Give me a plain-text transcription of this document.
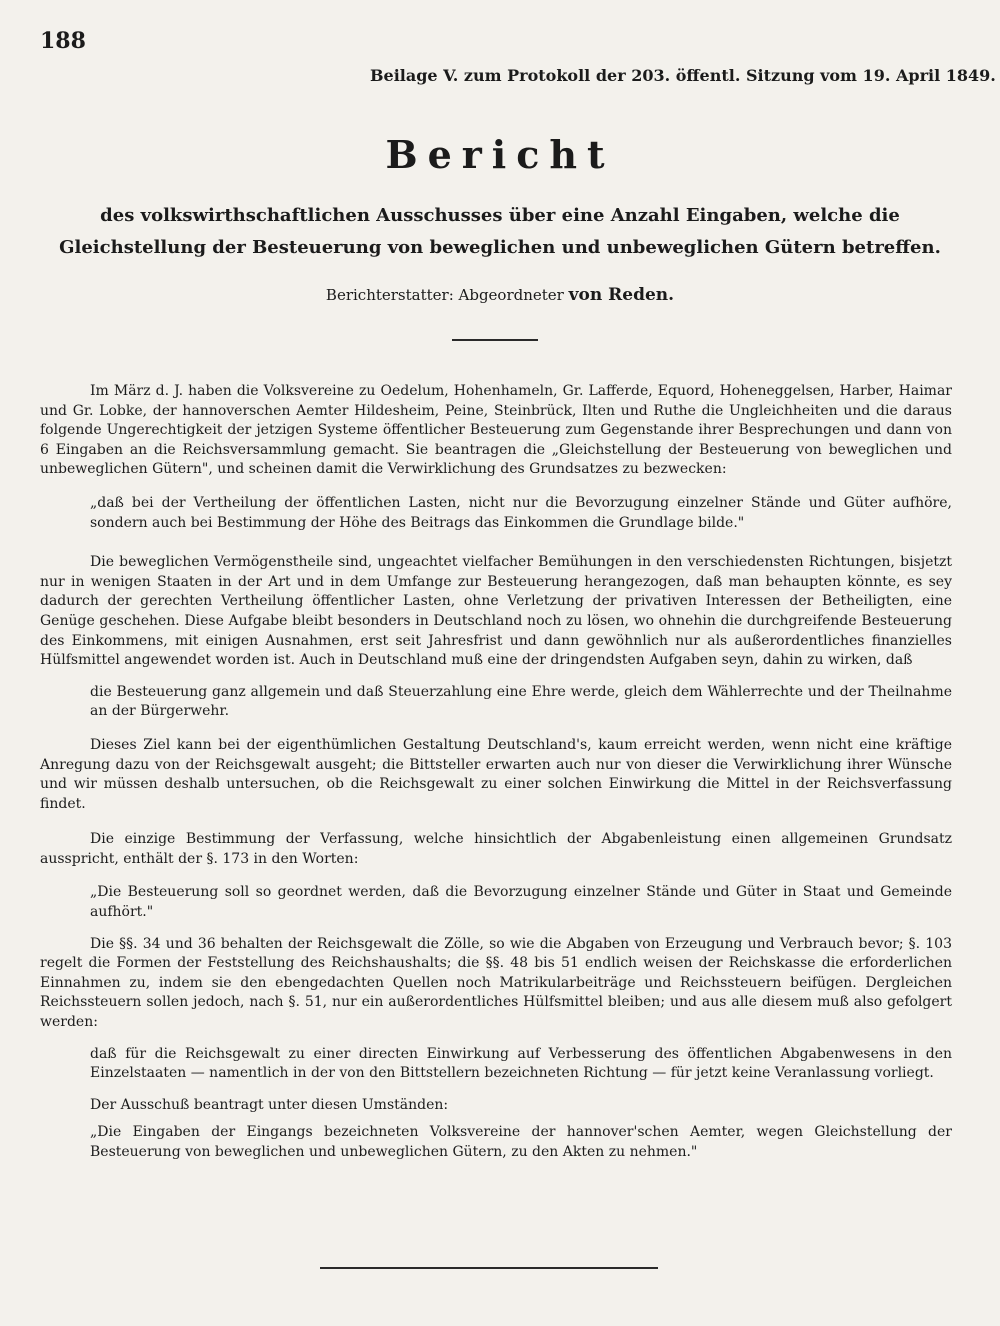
188
Beilage V. zum Protokoll der 203. öffentl. Sitzung vom 19. April 1849.
Bericht
des volkswirthschaftlichen Ausschusses über eine Anzahl Eingaben, welche die Gleichstellung der Besteuerung von beweglichen und unbeweglichen Gütern betreffen.
Berichterstatter: Abgeordneter von Reden.

Im März d. J. haben die Volksvereine zu Oedelum, Hohenhameln, Gr. Lafferde, Equord, Hoheneggelsen, Harber, Haimar und Gr. Lobke, der hannoverschen Aemter Hildesheim, Peine, Steinbrück, Ilten und Ruthe die Ungleichheiten und die daraus folgende Ungerechtigkeit der jetzigen Systeme öffentlicher Besteuerung zum Gegenstande ihrer Besprechungen und dann von 6 Eingaben an die Reichsversammlung gemacht. Sie beantragen die „Gleichstellung der Besteuerung von beweglichen und unbeweglichen Gütern", und scheinen damit die Verwirklichung des Grundsatzes zu bezwecken:

„daß bei der Vertheilung der öffentlichen Lasten, nicht nur die Bevorzugung einzelner Stände und Güter aufhöre, sondern auch bei Bestimmung der Höhe des Beitrags das Einkommen die Grundlage bilde."

Die beweglichen Vermögenstheile sind, ungeachtet vielfacher Bemühungen in den verschiedensten Richtungen, bisjetzt nur in wenigen Staaten in der Art und in dem Umfange zur Besteuerung herangezogen, daß man behaupten könnte, es sey dadurch der gerechten Vertheilung öffentlicher Lasten, ohne Verletzung der privativen Interessen der Betheiligten, eine Genüge geschehen. Diese Aufgabe bleibt besonders in Deutschland noch zu lösen, wo ohnehin die durchgreifende Besteuerung des Einkommens, mit einigen Ausnahmen, erst seit Jahresfrist und dann gewöhnlich nur als außerordentliches finanzielles Hülfsmittel angewendet worden ist. Auch in Deutschland muß eine der dringendsten Aufgaben seyn, dahin zu wirken, daß

die Besteuerung ganz allgemein und daß Steuerzahlung eine Ehre werde, gleich dem Wählerrechte und der Theilnahme an der Bürgerwehr.

Dieses Ziel kann bei der eigenthümlichen Gestaltung Deutschland's, kaum erreicht werden, wenn nicht eine kräftige Anregung dazu von der Reichsgewalt ausgeht; die Bittsteller erwarten auch nur von dieser die Verwirklichung ihrer Wünsche und wir müssen deshalb untersuchen, ob die Reichsgewalt zu einer solchen Einwirkung die Mittel in der Reichsverfassung findet.

Die einzige Bestimmung der Verfassung, welche hinsichtlich der Abgabenleistung einen allgemeinen Grundsatz ausspricht, enthält der §. 173 in den Worten:

„Die Besteuerung soll so geordnet werden, daß die Bevorzugung einzelner Stände und Güter in Staat und Gemeinde aufhört."

Die §§. 34 und 36 behalten der Reichsgewalt die Zölle, so wie die Abgaben von Erzeugung und Verbrauch bevor; §. 103 regelt die Formen der Feststellung des Reichshaushalts; die §§. 48 bis 51 endlich weisen der Reichskasse die erforderlichen Einnahmen zu, indem sie den ebengedachten Quellen noch Matrikularbeiträge und Reichssteuern beifügen. Dergleichen Reichssteuern sollen jedoch, nach §. 51, nur ein außerordentliches Hülfsmittel bleiben; und aus alle diesem muß also gefolgert werden:

daß für die Reichsgewalt zu einer directen Einwirkung auf Verbesserung des öffentlichen Abgabenwesens in den Einzelstaaten — namentlich in der von den Bittstellern bezeichneten Richtung — für jetzt keine Veranlassung vorliegt.

Der Ausschuß beantragt unter diesen Umständen:

„Die Eingaben der Eingangs bezeichneten Volksvereine der hannover'schen Aemter, wegen Gleichstellung der Besteuerung von beweglichen und unbeweglichen Gütern, zu den Akten zu nehmen."
